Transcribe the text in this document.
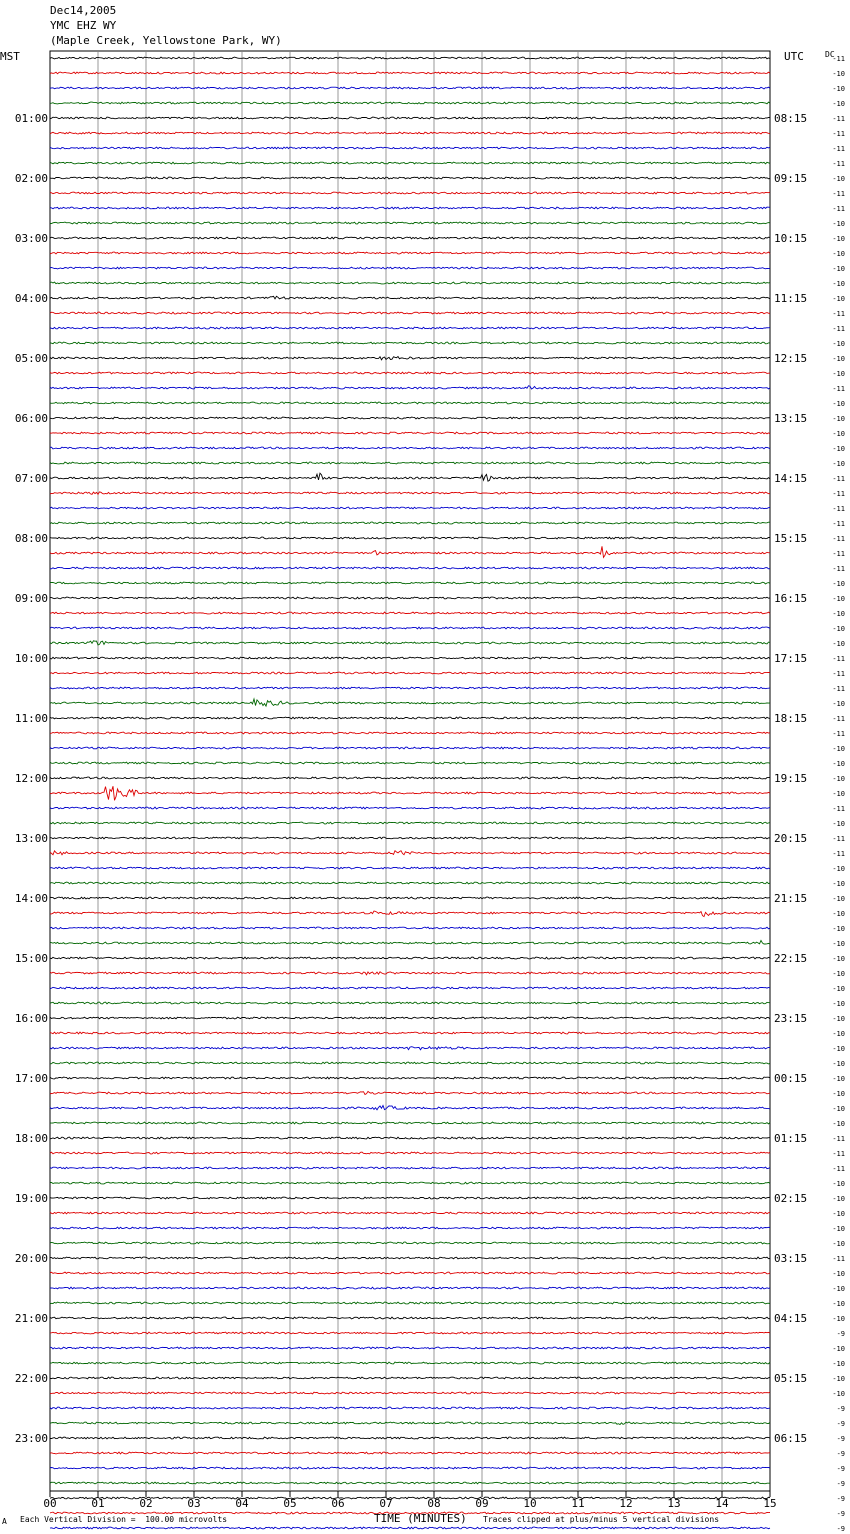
Dec14,2005
YMC EHZ WY
(Maple Creek, Yellowstone Park, WY)
MST	UTC	DC
00	01	02	03	04	05	06	07	08	09	10	11	12	13	14	15
-11
-10
-10
-10
-11
-11
-11
-11
-10
-11
-11
-10
-10
-10
-10
-10
-10
-11
-11
-10
-10
-10
-11
-10
-10
-10
-10
-10
-11
-11
-11
-11
-11
-11
-11
-10
-10
-10
-10
-10
-11
-11
-11
-10
-11
-11
-10
-10
-10
-10
-11
-10
-11
-11
-10
-10
-10
-10
-10
-10
-10
-10
-10
-10
-10
-10
-10
-10
-10
-10
-10
-10
-11
-11
-11
-10
-10
-10
-10
-10
-11
-10
-10
-10
-10
-9
-10
-10
-10
-10
-9
-9
-9
-9
-9
-9
-9
-9
-9
01:00
02:00
03:00
04:00
05:00
06:00
07:00
08:00
09:00
10:00
11:00
12:00
13:00
14:00
15:00
16:00
17:00
18:00
19:00
20:00
21:00
22:00
23:00
08:15
09:15
10:15
11:15
12:15
13:15
14:15
15:15
16:15
17:15
18:15
19:15
20:15
21:15
22:15
23:15
00:15
01:15
02:15
03:15
04:15
05:15
06:15
A Each Vertical Division =  100.00 microvolts	TIME (MINUTES) Traces clipped at plus/minus 5 vertical divisions
